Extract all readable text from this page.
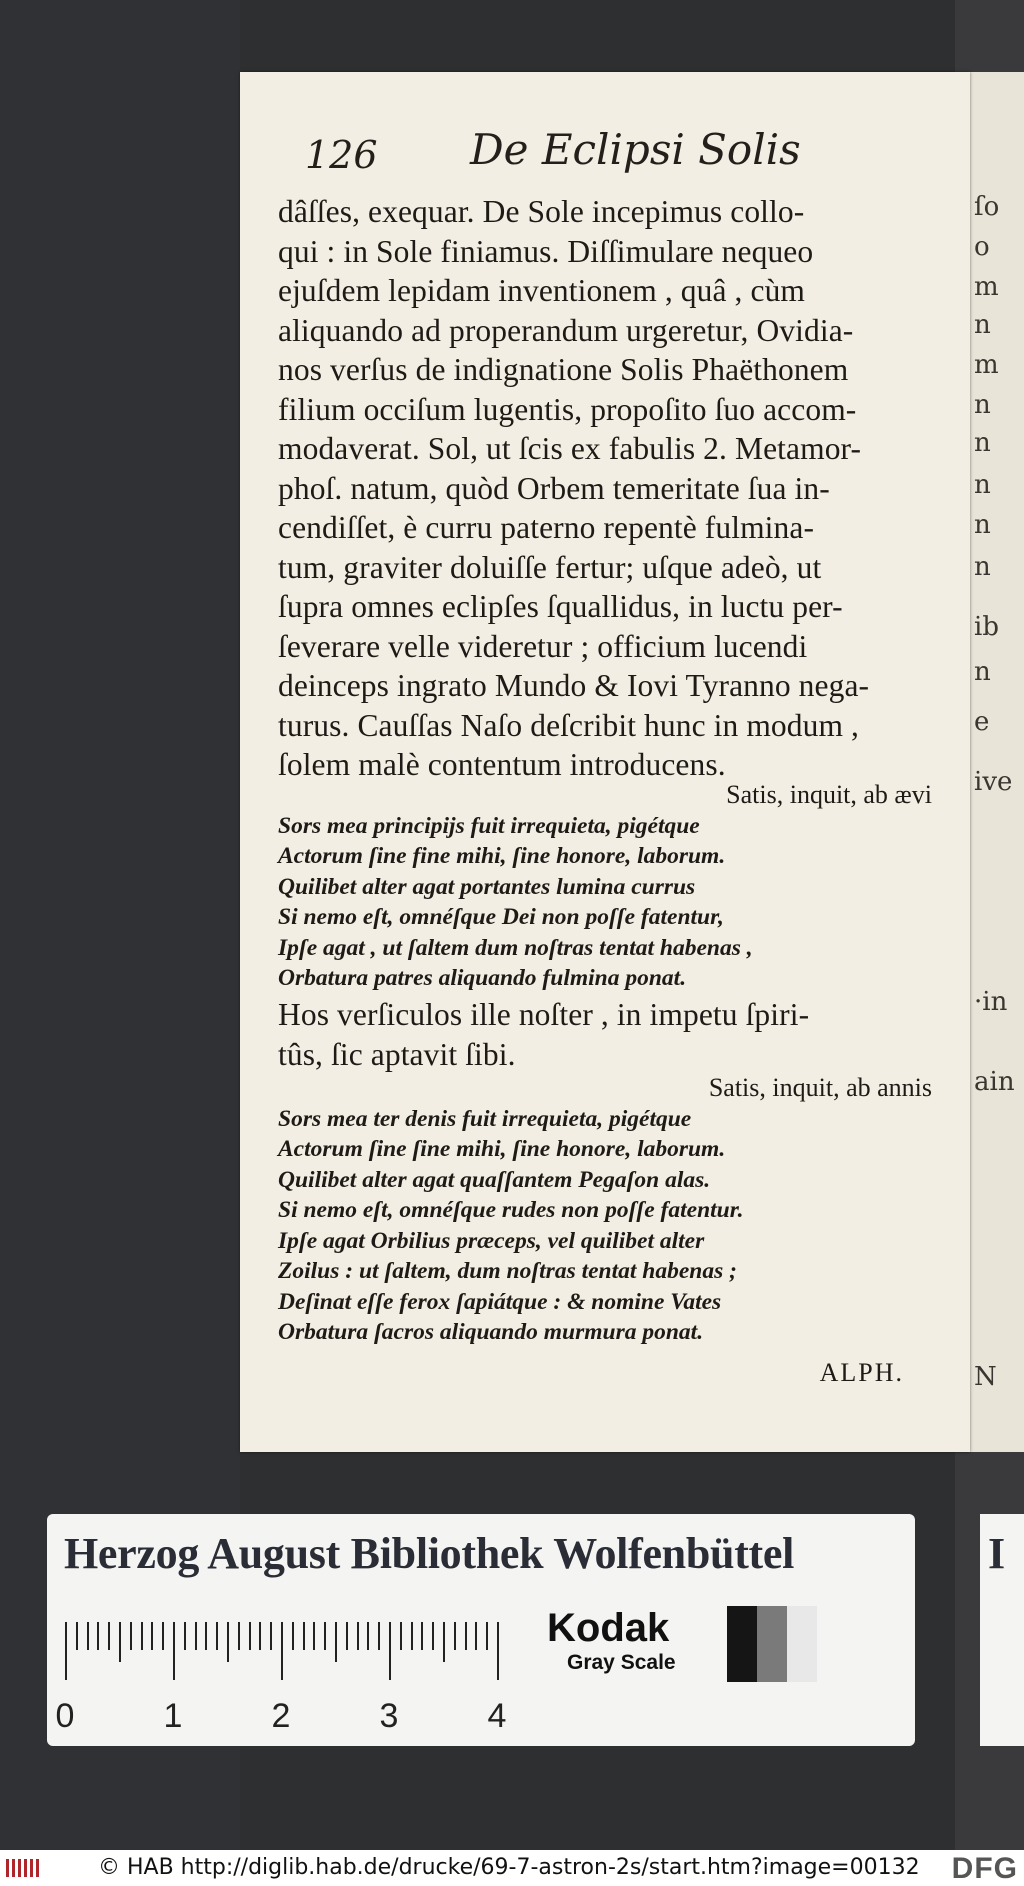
ſo
o
m
n
m
n
n
n
n
n
ib
n
e
ive
·in
ain
N
126 De Eclipsi Solis
dâſſes, exequar. De Sole incepimus collo-
qui : in Sole finiamus. Diſſimulare nequeo
ejuſdem lepidam inventionem , quâ , cùm
aliquando ad properandum urgeretur, Ovidia-
nos verſus de indignatione Solis Phaëthonem
filium occiſum lugentis, propoſito ſuo accom-
modaverat. Sol, ut ſcis ex fabulis 2. Metamor-
phoſ. natum, quòd Orbem temeritate ſua in-
cendiſſet, è curru paterno repentè fulmina-
tum, graviter doluiſſe fertur; uſque adeò, ut
ſupra omnes eclipſes ſquallidus, in luctu per-
ſeverare velle videretur ; officium lucendi
deinceps ingrato Mundo & Iovi Tyranno nega-
turus. Cauſſas Naſo deſcribit hunc in modum ,
ſolem malè contentum introducens.
Satis, inquit, ab ævi
Sors mea principijs fuit irrequieta, pigétque
Actorum ſine fine mihi, ſine honore, laborum.
Quilibet alter agat portantes lumina currus
Si nemo eſt, omnéſque Dei non poſſe fatentur,
Ipſe agat , ut ſaltem dum noſtras tentat habenas ,
Orbatura patres aliquando fulmina ponat.
Hos verſiculos ille noſter , in impetu ſpiri-
tûs, ſic aptavit ſibi.
Satis, inquit, ab annis
Sors mea ter denis fuit irrequieta, pigétque
Actorum ſine ſine mihi, ſine honore, laborum.
Quilibet alter agat quaſſantem Pegaſon alas.
Si nemo eſt, omnéſque rudes non poſſe fatentur.
Ipſe agat Orbilius præceps, vel quilibet alter
Zoilus : ut ſaltem, dum noſtras tentat habenas ;
Deſinat eſſe ferox ſapiátque : & nomine Vates
Orbatura ſacros aliquando murmura ponat.
ALPH.
Herzog August Bibliothek Wolfenbüttel
0	1	2	3	4
Kodak
Gray Scale
I
© HAB http://diglib.hab.de/drucke/69-7-astron-2s/start.htm?image=00132 DFG
